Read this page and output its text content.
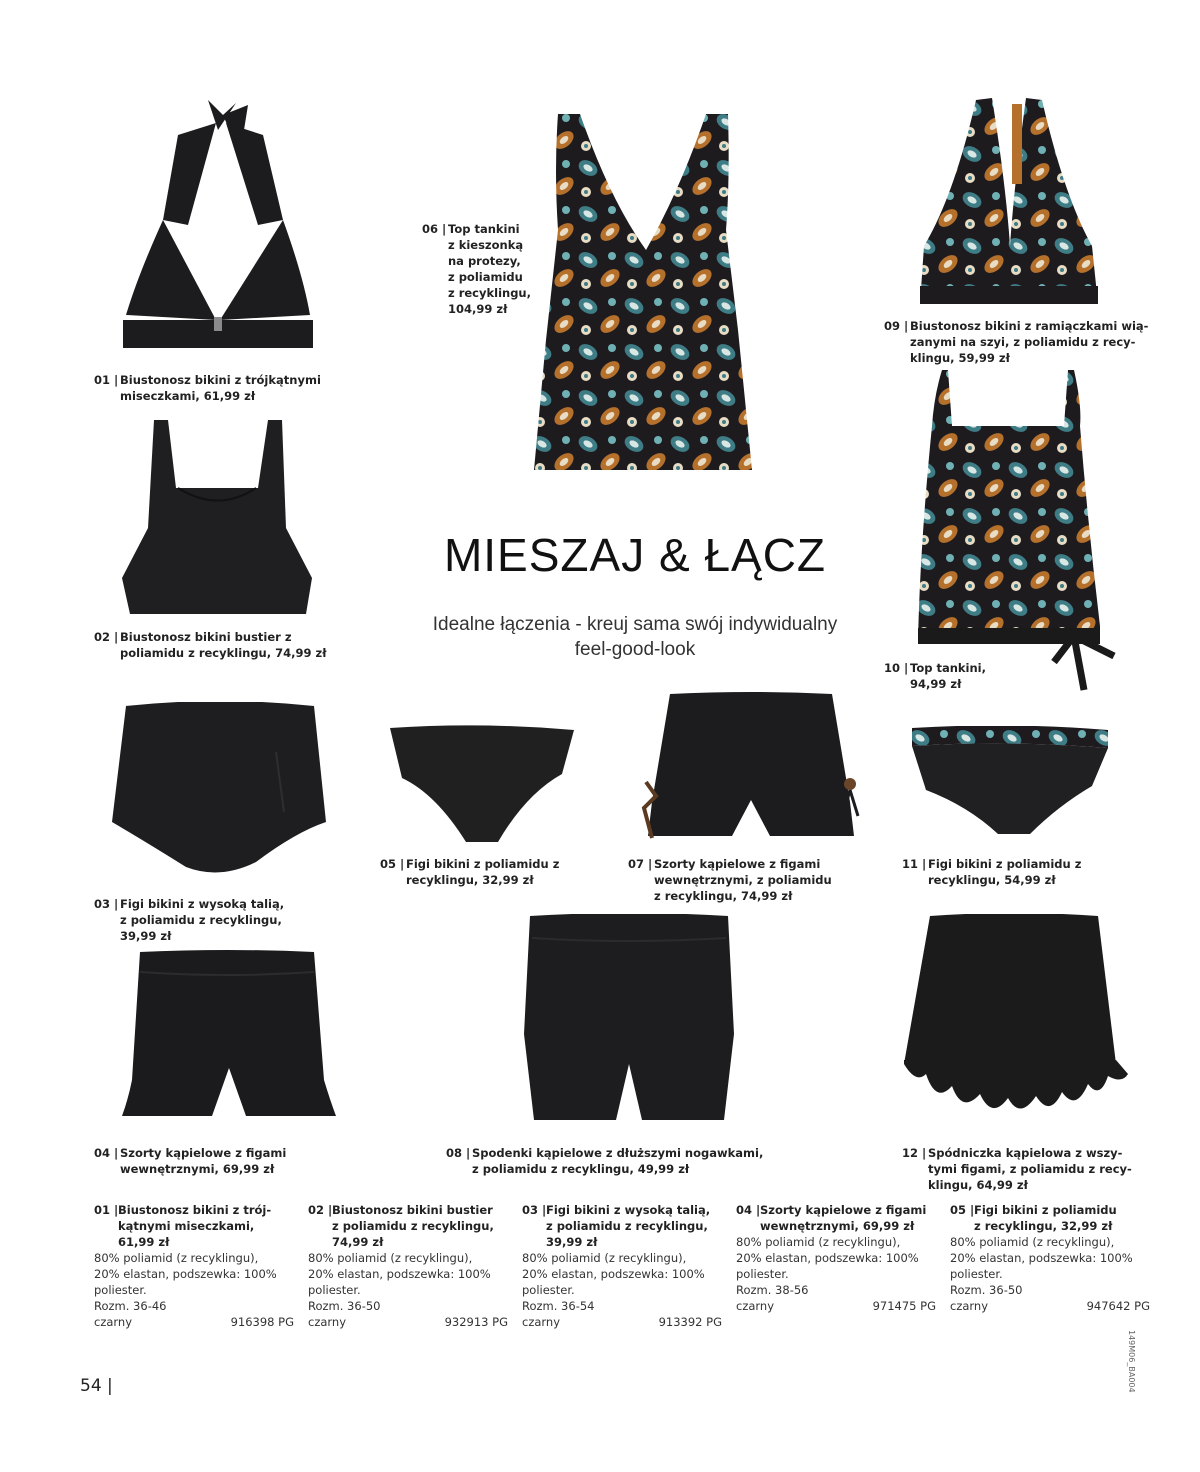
01 | Biustonosz bikini z trójkątnymi
miseczkami, 61,99 zł
02 | Biustonosz bikini bustier z
poliamidu z recyklingu, 74,99 zł
03 | Figi bikini z wysoką talią,
z poliamidu z recyklingu,
39,99 zł
04 | Szorty kąpielowe z figami
wewnętrznymi, 69,99 zł
05 | Figi bikini z poliamidu z
recyklingu, 32,99 zł
06 | Top tankini
z kieszonką
na protezy,
z poliamidu
z recyklingu,
104,99 zł
07 | Szorty kąpielowe z figami
wewnętrznymi, z poliamidu
z recyklingu, 74,99 zł
08 | Spodenki kąpielowe z dłuższymi nogawkami,
z poliamidu z recyklingu, 49,99 zł
09 | Biustonosz bikini z ramiączkami wią-
zanymi na szyi, z poliamidu z recy-
klingu, 59,99 zł
10 | Top tankini,
94,99 zł
11 | Figi bikini z poliamidu z
recyklingu, 54,99 zł
12 | Spódniczka kąpielowa z wszy-
tymi figami, z poliamidu z recy-
klingu, 64,99 zł
MIESZAJ & ŁĄCZ
Idealne łączenia - kreuj sama swój indywidualny
feel-good-look
01 | Biustonosz bikini z trój-
kątnymi miseczkami,
61,99 zł
80% poliamid (z recyklingu),
20% elastan, podszewka: 100%
poliester.
Rozm. 36-46
czarny	916398 PG
02 | Biustonosz bikini bustier
z poliamidu z recyklingu,
74,99 zł
80% poliamid (z recyklingu),
20% elastan, podszewka: 100%
poliester.
Rozm. 36-50
czarny	932913 PG
03 | Figi bikini z wysoką talią,
z poliamidu z recyklingu,
39,99 zł
80% poliamid (z recyklingu),
20% elastan, podszewka: 100%
poliester.
Rozm. 36-54
czarny	913392 PG
04 | Szorty kąpielowe z figami
wewnętrznymi, 69,99 zł
80% poliamid (z recyklingu),
20% elastan, podszewka: 100%
poliester.
Rozm. 38-56
czarny	971475 PG
05 | Figi bikini z poliamidu
z recyklingu, 32,99 zł
80% poliamid (z recyklingu),
20% elastan, podszewka: 100%
poliester.
Rozm. 36-50
czarny	947642 PG
54 |	149M06_BA004
